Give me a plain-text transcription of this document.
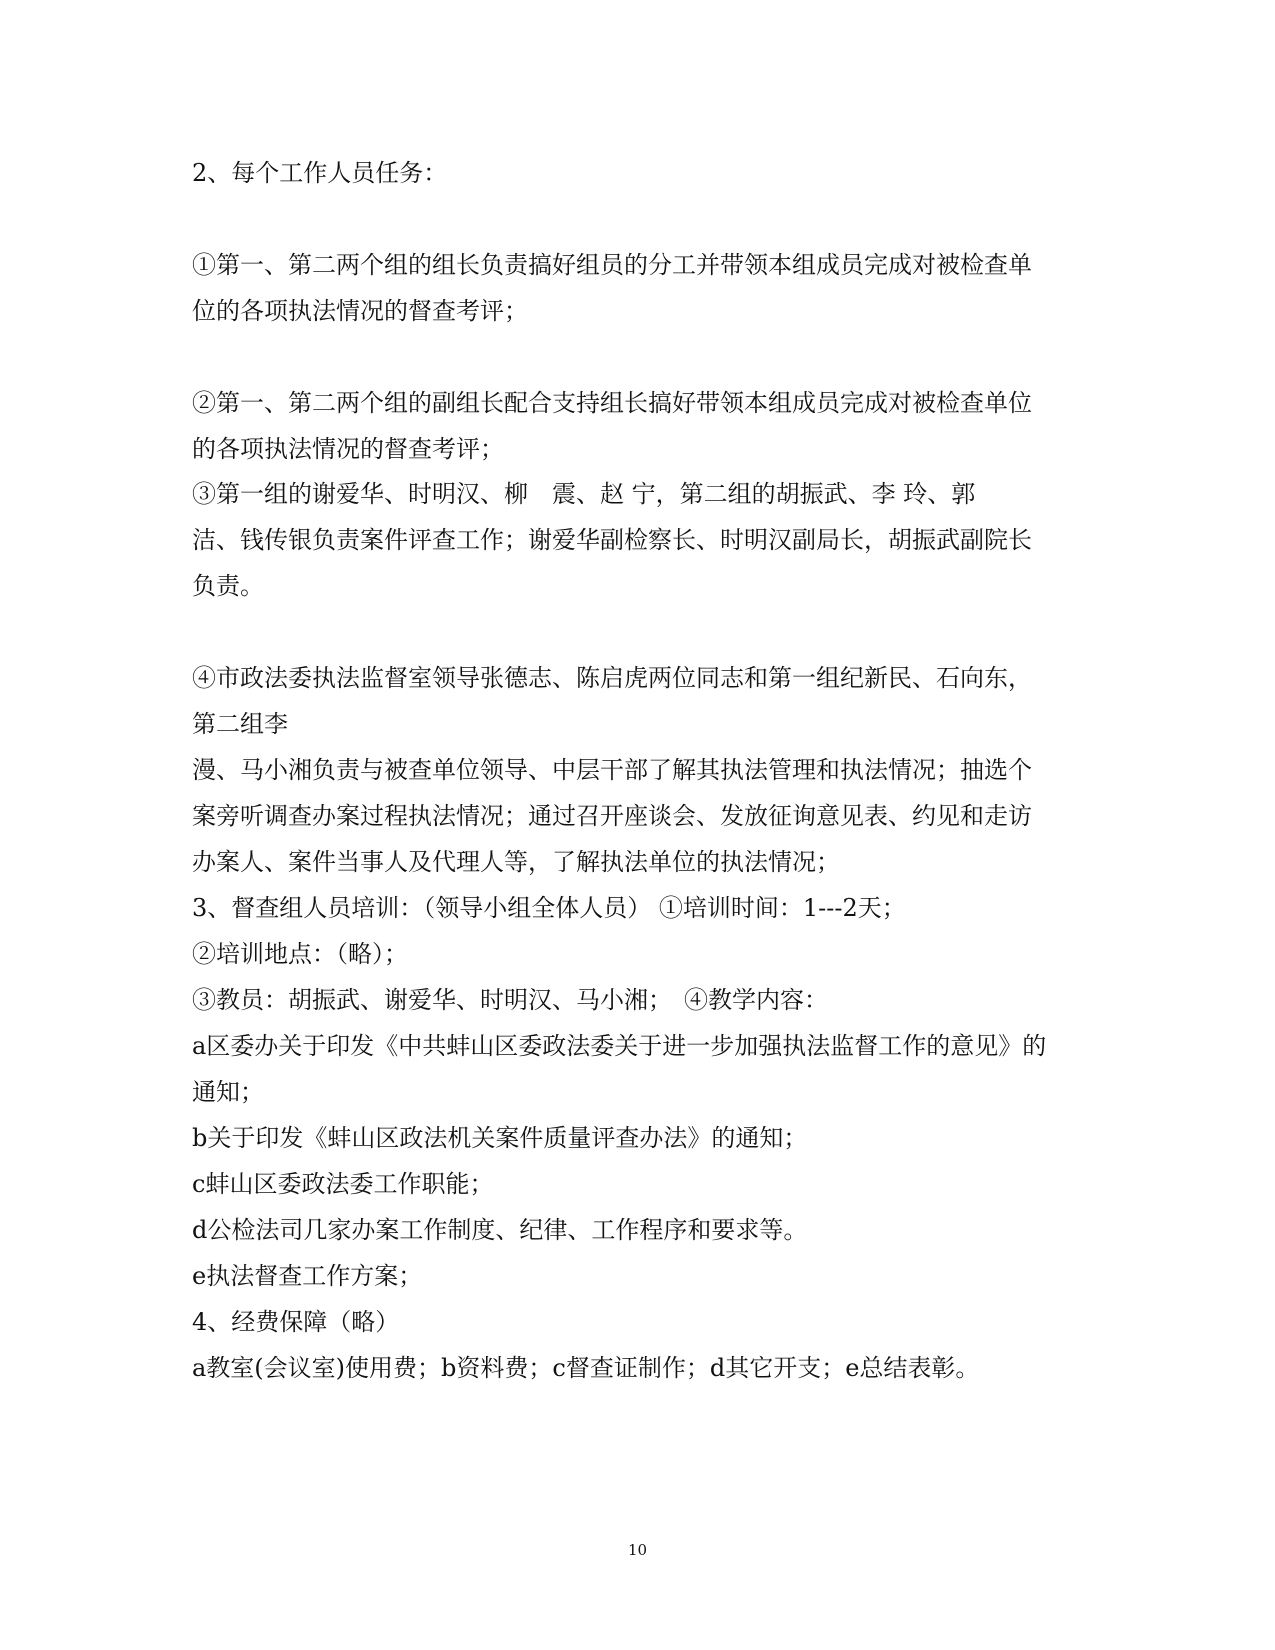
2、每个工作人员任务：
①第一、第二两个组的组长负责搞好组员的分工并带领本组成员完成对被检查单
位的各项执法情况的督查考评；
②第一、第二两个组的副组长配合支持组长搞好带领本组成员完成对被检查单位
的各项执法情况的督查考评；
③第一组的谢爱华、时明汉、柳　震、赵 宁，第二组的胡振武、李 玲、郭
洁、钱传银负责案件评查工作；谢爱华副检察长、时明汉副局长，胡振武副院长
负责。
④市政法委执法监督室领导张德志、陈启虎两位同志和第一组纪新民、石向东，
第二组李
漫、马小湘负责与被查单位领导、中层干部了解其执法管理和执法情况；抽选个
案旁听调查办案过程执法情况；通过召开座谈会、发放征询意见表、约见和走访
办案人、案件当事人及代理人等，了解执法单位的执法情况；
3、督查组人员培训：（领导小组全体人员） ①培训时间：1---2天；
②培训地点：（略）；
③教员：胡振武、谢爱华、时明汉、马小湘；　④教学内容：
a区委办关于印发《中共蚌山区委政法委关于进一步加强执法监督工作的意见》的
通知；
b关于印发《蚌山区政法机关案件质量评查办法》的通知；
c蚌山区委政法委工作职能；
d公检法司几家办案工作制度、纪律、工作程序和要求等。
e执法督查工作方案；
4、经费保障（略）
a教室(会议室)使用费；b资料费；c督查证制作；d其它开支；e总结表彰。
10
